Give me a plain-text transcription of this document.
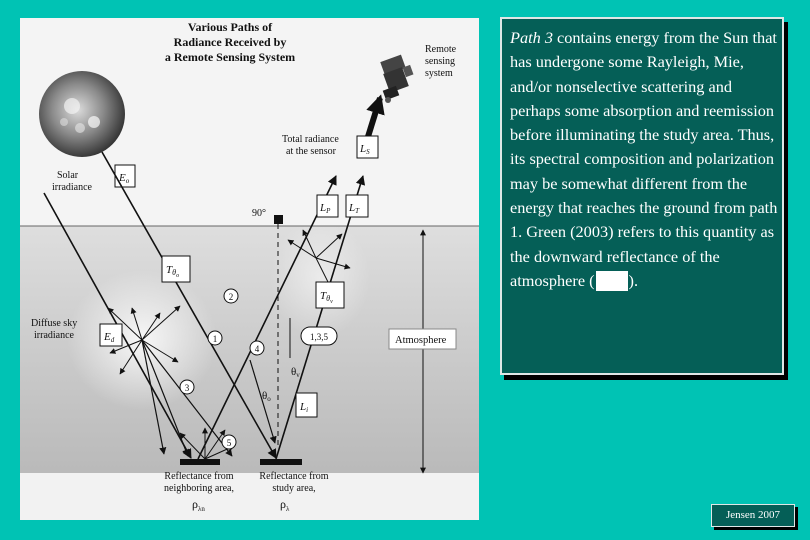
Various Paths of
Radiance Received by
a Remote Sensing System
Solar
irradiance
Eo
Remote
sensing
system
Total radiance
at the sensor LS
90°
Atmosphere
LP LT
Tθo
Tθv
Diffuse sky
irradiance	Ed
Li
θv
θo
2
1
4
3
5
1,3,5
Reflectance from
neighboring area,
$\rho_{\lambda n}$
Reflectance from
study area,
$\rho_\lambda$
Path 3 contains energy from the Sun that has undergone some Rayleigh, Mie, and/or nonselective scattering and perhaps some absorption and reemission before illuminating the study area. Thus, its spectral composition and polarization may be somewhat different from the energy that reaches the ground from path 1. Green (2003) refers to this quantity as the downward reflectance of the atmosphere ( ).
Jensen 2007
